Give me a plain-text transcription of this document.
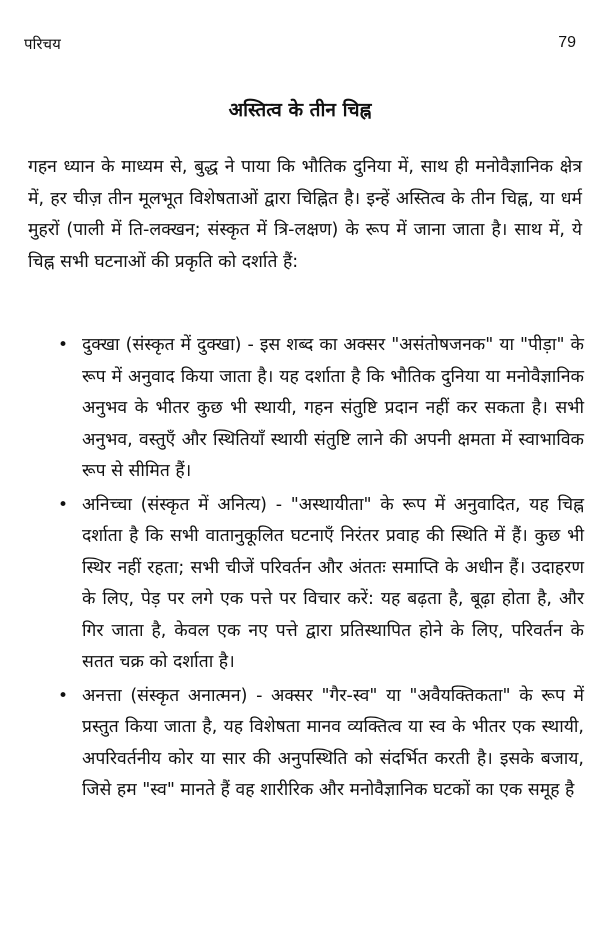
परिचय	79
अस्तित्व के तीन चिह्न

गहन ध्यान के माध्यम से, बुद्ध ने पाया कि भौतिक दुनिया में, साथ ही मनोवैज्ञानिक क्षेत्र में, हर चीज़ तीन मूलभूत विशेषताओं द्वारा चिह्नित है। इन्हें अस्तित्व के तीन चिह्न, या धर्म मुहरों (पाली में ति-लक्खन; संस्कृत में त्रि-लक्षण) के रूप में जाना जाता है। साथ में, ये चिह्न सभी घटनाओं की प्रकृति को दर्शाते हैं:

• दुक्खा (संस्कृत में दुक्खा) - इस शब्द का अक्सर "असंतोषजनक" या "पीड़ा" के रूप में अनुवाद किया जाता है। यह दर्शाता है कि भौतिक दुनिया या मनोवैज्ञानिक अनुभव के भीतर कुछ भी स्थायी, गहन संतुष्टि प्रदान नहीं कर सकता है। सभी अनुभव, वस्तुएँ और स्थितियाँ स्थायी संतुष्टि लाने की अपनी क्षमता में स्वाभाविक रूप से सीमित हैं।
• अनिच्चा (संस्कृत में अनित्य) - "अस्थायीता" के रूप में अनुवादित, यह चिह्न दर्शाता है कि सभी वातानुकूलित घटनाएँ निरंतर प्रवाह की स्थिति में हैं। कुछ भी स्थिर नहीं रहता; सभी चीजें परिवर्तन और अंततः समाप्ति के अधीन हैं। उदाहरण के लिए, पेड़ पर लगे एक पत्ते पर विचार करें: यह बढ़ता है, बूढ़ा होता है, और गिर जाता है, केवल एक नए पत्ते द्वारा प्रतिस्थापित होने के लिए, परिवर्तन के सतत चक्र को दर्शाता है।
• अनत्ता (संस्कृत अनात्मन) - अक्सर "गैर-स्व" या "अवैयक्तिकता" के रूप में प्रस्तुत किया जाता है, यह विशेषता मानव व्यक्तित्व या स्व के भीतर एक स्थायी, अपरिवर्तनीय कोर या सार की अनुपस्थिति को संदर्भित करती है। इसके बजाय, जिसे हम "स्व" मानते हैं वह शारीरिक और मनोवैज्ञानिक घटकों का एक समूह है
